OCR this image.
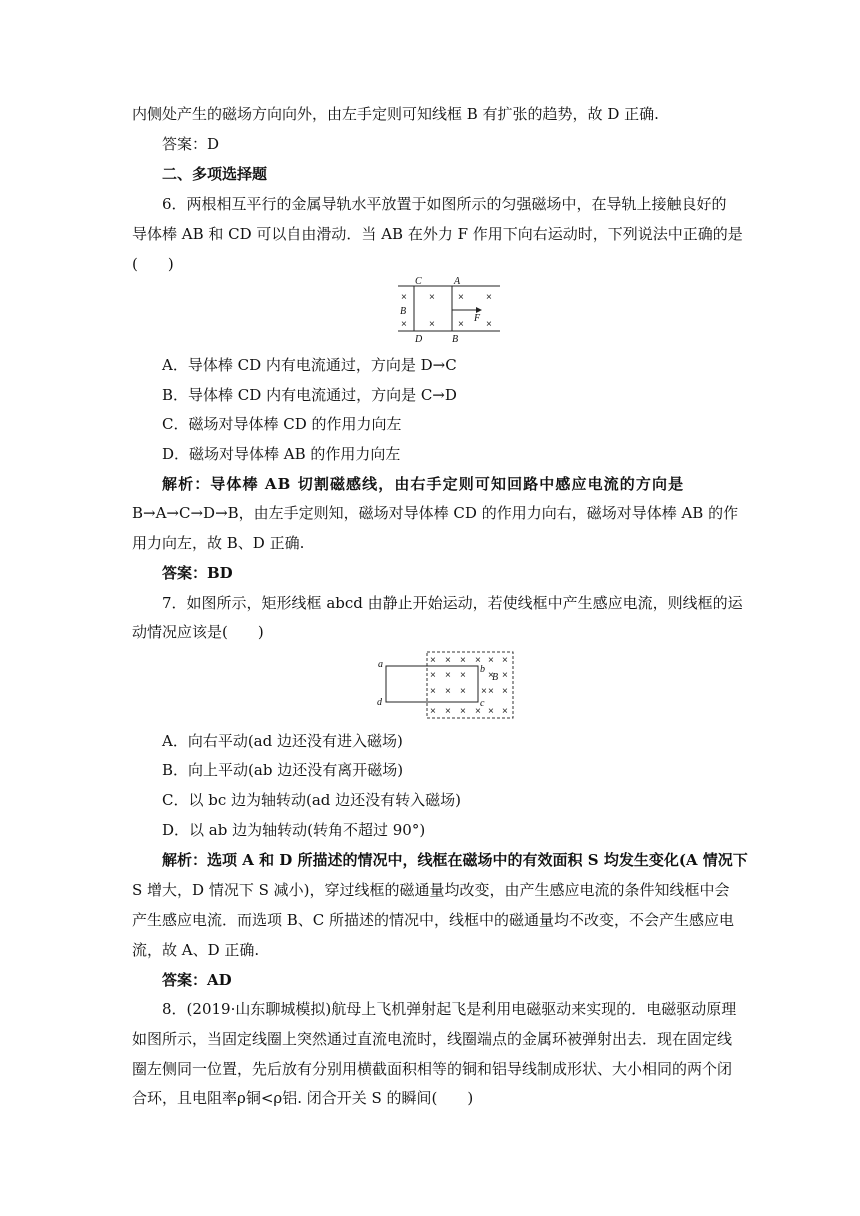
内侧处产生的磁场方向向外，由左手定则可知线框 B 有扩张的趋势，故 D 正确.
答案：D
二、多项选择题
6．两根相互平行的金属导轨水平放置于如图所示的匀强磁场中，在导轨上接触良好的
导体棒 AB 和 CD 可以自由滑动．当 AB 在外力 F 作用下向右运动时，下列说法中正确的是
(　　)
× × × ×
× × × ×
C	A
B
F
D	B
A．导体棒 CD 内有电流通过，方向是 D→C
B．导体棒 CD 内有电流通过，方向是 C→D
C．磁场对导体棒 CD 的作用力向左
D．磁场对导体棒 AB 的作用力向左
解析：导体棒 AB 切割磁感线，由右手定则可知回路中感应电流的方向是
B→A→C→D→B，由左手定则知，磁场对导体棒 CD 的作用力向右，磁场对导体棒 AB 的作
用力向左，故 B、D 正确.
答案：BD
7．如图所示，矩形线框 abcd 由静止开始运动，若使线框中产生感应电流，则线框的运
动情况应该是(　　)
× × × × × ×
× × × × ×
× × × × × ×
× × × × × ×
a	b
B
c
d
A．向右平动(ad 边还没有进入磁场)
B．向上平动(ab 边还没有离开磁场)
C．以 bc 边为轴转动(ad 边还没有转入磁场)
D．以 ab 边为轴转动(转角不超过 90°)
解析：选项 A 和 D 所描述的情况中，线框在磁场中的有效面积 S 均发生变化(A 情况下
S 增大，D 情况下 S 减小)，穿过线框的磁通量均改变，由产生感应电流的条件知线框中会
产生感应电流．而选项 B、C 所描述的情况中，线框中的磁通量均不改变，不会产生感应电
流，故 A、D 正确.
答案：AD
8．(2019·山东聊城模拟)航母上飞机弹射起飞是利用电磁驱动来实现的．电磁驱动原理
如图所示，当固定线圈上突然通过直流电流时，线圈端点的金属环被弹射出去．现在固定线
圈左侧同一位置，先后放有分别用横截面积相等的铜和铝导线制成形状、大小相同的两个闭
合环，且电阻率ρ铜<ρ铝. 闭合开关 S 的瞬间(　　)
